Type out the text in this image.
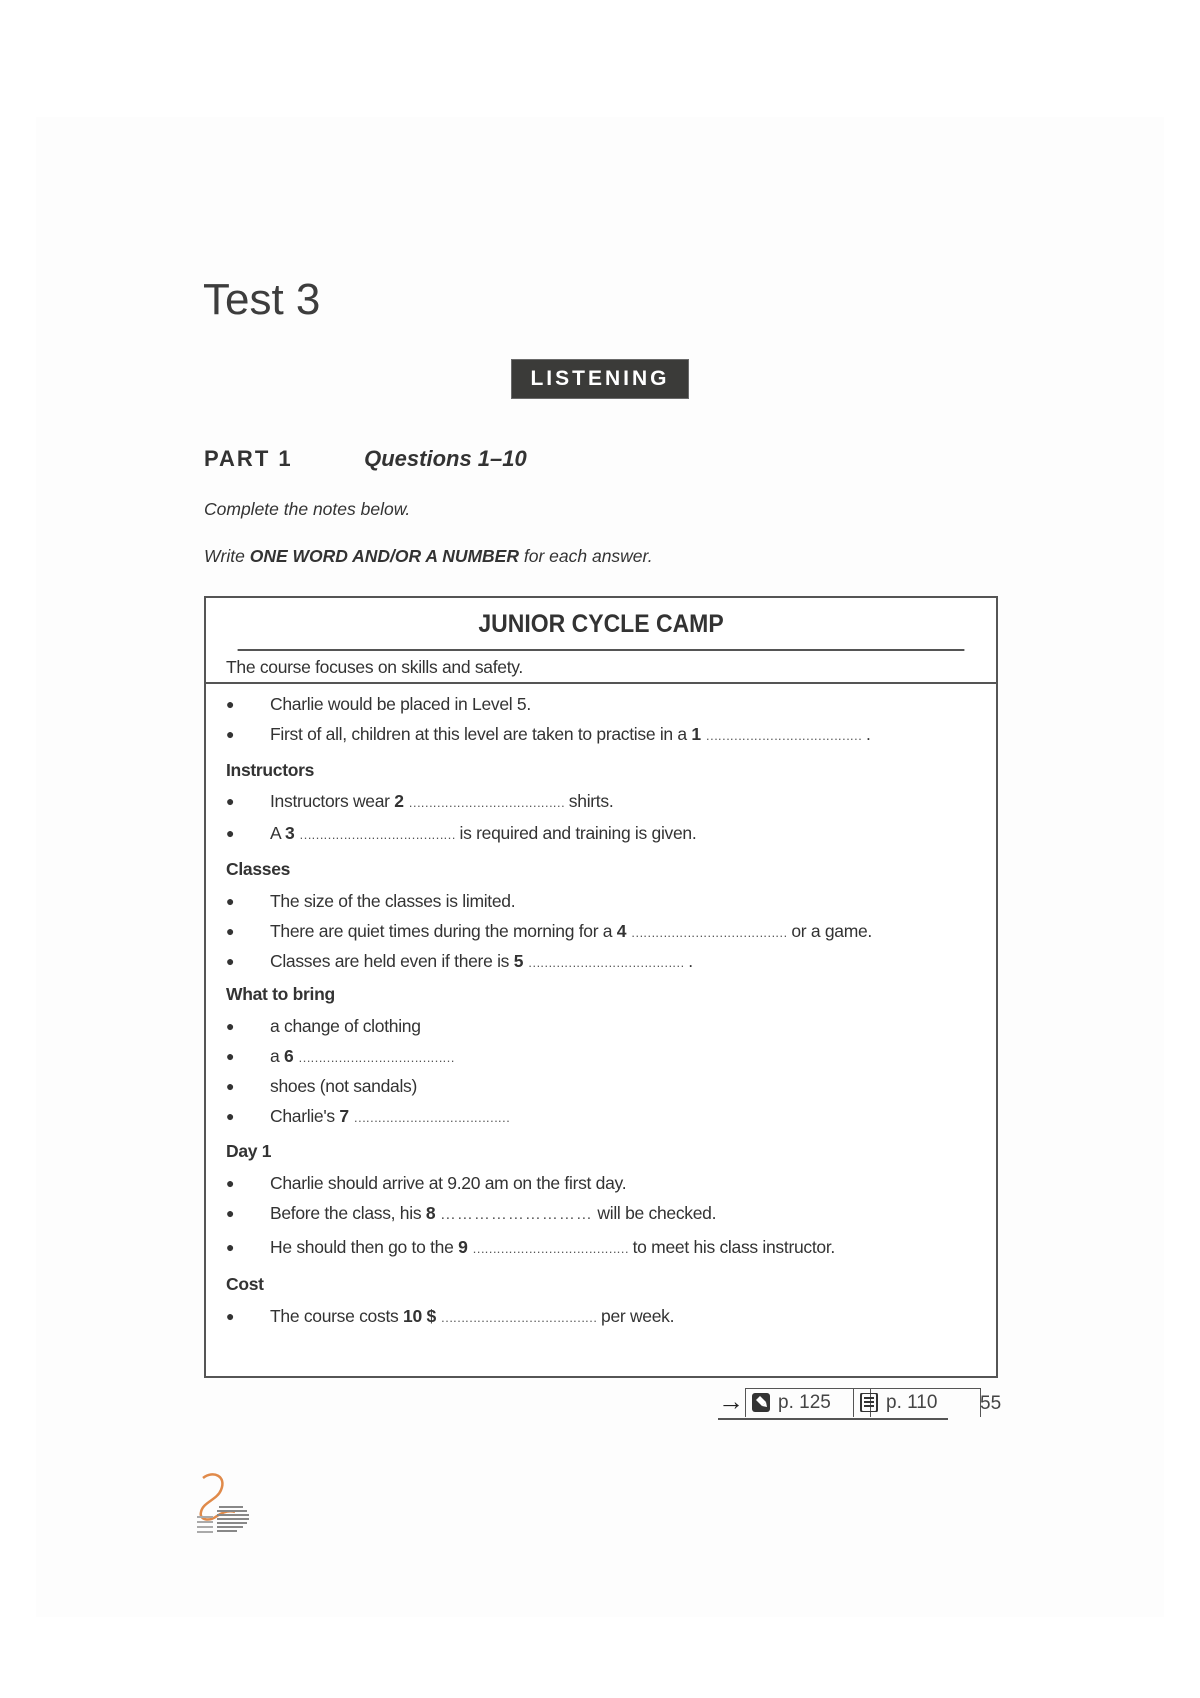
Test 3
LISTENING
PART 1	Questions 1–10
Complete the notes below.
Write ONE WORD AND/OR A NUMBER for each answer.
JUNIOR CYCLE CAMP
The course focuses on skills and safety.
● Charlie would be placed in Level 5.
● First of all, children at this level are taken to practise in a 1 ………………………………… .
Instructors
● Instructors wear 2 ………………………………… shirts.
● A 3 ………………………………… is required and training is given.
Classes
● The size of the classes is limited.
● There are quiet times during the morning for a 4 ………………………………… or a game.
● Classes are held even if there is 5 ………………………………… .
What to bring
● a change of clothing
● a 6 …………………………………
● shoes (not sandals)
● Charlie's 7 …………………………………
Day 1
● Charlie should arrive at 9.20 am on the first day.
● Before the class, his 8 ……………………… will be checked.
● He should then go to the 9 ………………………………… to meet his class instructor.
Cost
● The course costs 10 $ ………………………………… per week.
→	p. 125	p. 110	55
